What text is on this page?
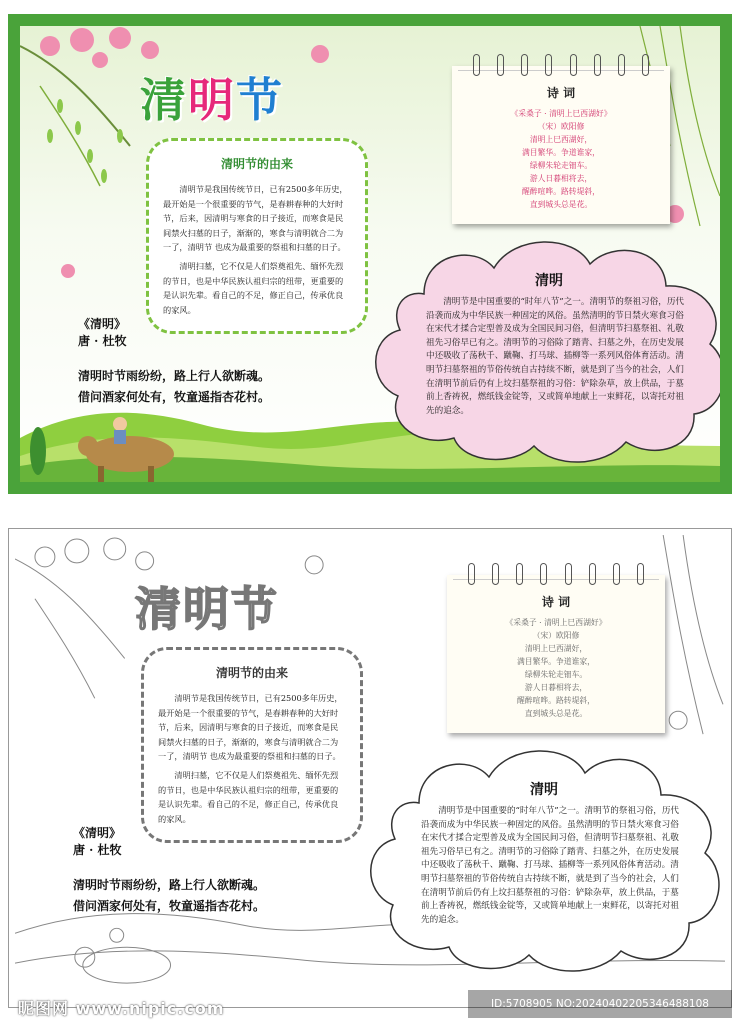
清明节
清明节的由来

清明节是我国传统节日，已有2500多年历史，最开始是一个很重要的节气，是春耕春种的大好时节，后来，因清明与寒食的日子接近，而寒食是民间禁火扫墓的日子，渐渐的，寒食与清明就合二为一了，清明节 也成为最重要的祭祖和扫墓的日子。

清明扫墓，它不仅是人们祭奠祖先、缅怀先烈的节日，也是中华民族认祖归宗的纽带，更重要的是认识先辈。看自己的不足，修正自己，传承优良的家风。

《清明》
唐 · 杜牧
清明时节雨纷纷，路上行人欲断魂。
借问酒家何处有，牧童遥指杏花村。
诗 词

《采桑子 · 清明上巳西湖好》

（宋）欧阳修

清明上巳西湖好，

满目繁华。争道谁家，

绿柳朱轮走钿车。

游人日暮相将去，

醒醉喧哗。路转堤斜，

直到城头总是花。

清明

清明节是中国重要的“时年八节”之一。清明节的祭祖习俗，历代沿袭而成为中华民族一种固定的风俗。虽然清明的节日禁火寒食习俗在宋代才揉合定型普及成为全国民间习俗，但清明节扫墓祭祖、礼敬祖先习俗早已有之。清明节的习俗除了踏青、扫墓之外，在历史发展中还吸收了荡秋千、蹴鞠、打马球、插柳等一系列风俗体育活动。清明节扫墓祭祖的节俗传统自古持续不断，就是到了当今的社会，人们在清明节前后仍有上坟扫墓祭祖的习俗：铲除杂草，放上供品，于墓前上香祷祝，燃纸钱金锭等，又或简单地献上一束鲜花，以寄托对祖先的追念。

清明节
清明节的由来

清明节是我国传统节日，已有2500多年历史，最开始是一个很重要的节气，是春耕春种的大好时节，后来，因清明与寒食的日子接近，而寒食是民间禁火扫墓的日子，渐渐的，寒食与清明就合二为一了，清明节 也成为最重要的祭祖和扫墓的日子。

清明扫墓，它不仅是人们祭奠祖先、缅怀先烈的节日，也是中华民族认祖归宗的纽带，更重要的是认识先辈。看自己的不足，修正自己，传承优良的家风。

《清明》
唐 · 杜牧
清明时节雨纷纷，路上行人欲断魂。
借问酒家何处有，牧童遥指杏花村。
诗 词

《采桑子 · 清明上巳西湖好》

（宋）欧阳修

清明上巳西湖好，

满目繁华。争道谁家，

绿柳朱轮走钿车。

游人日暮相将去，

醒醉喧哗。路转堤斜，

直到城头总是花。

清明

清明节是中国重要的“时年八节”之一。清明节的祭祖习俗，历代沿袭而成为中华民族一种固定的风俗。虽然清明的节日禁火寒食习俗在宋代才揉合定型普及成为全国民间习俗，但清明节扫墓祭祖、礼敬祖先习俗早已有之。清明节的习俗除了踏青、扫墓之外，在历史发展中还吸收了荡秋千、蹴鞠、打马球、插柳等一系列风俗体育活动。清明节扫墓祭祖的节俗传统自古持续不断，就是到了当今的社会，人们在清明节前后仍有上坟扫墓祭祖的习俗：铲除杂草，放上供品，于墓前上香祷祝，燃纸钱金锭等，又或简单地献上一束鲜花，以寄托对祖先的追念。

昵图网 www.nipic.com	ID:5708905 NO:20240402205346488108
